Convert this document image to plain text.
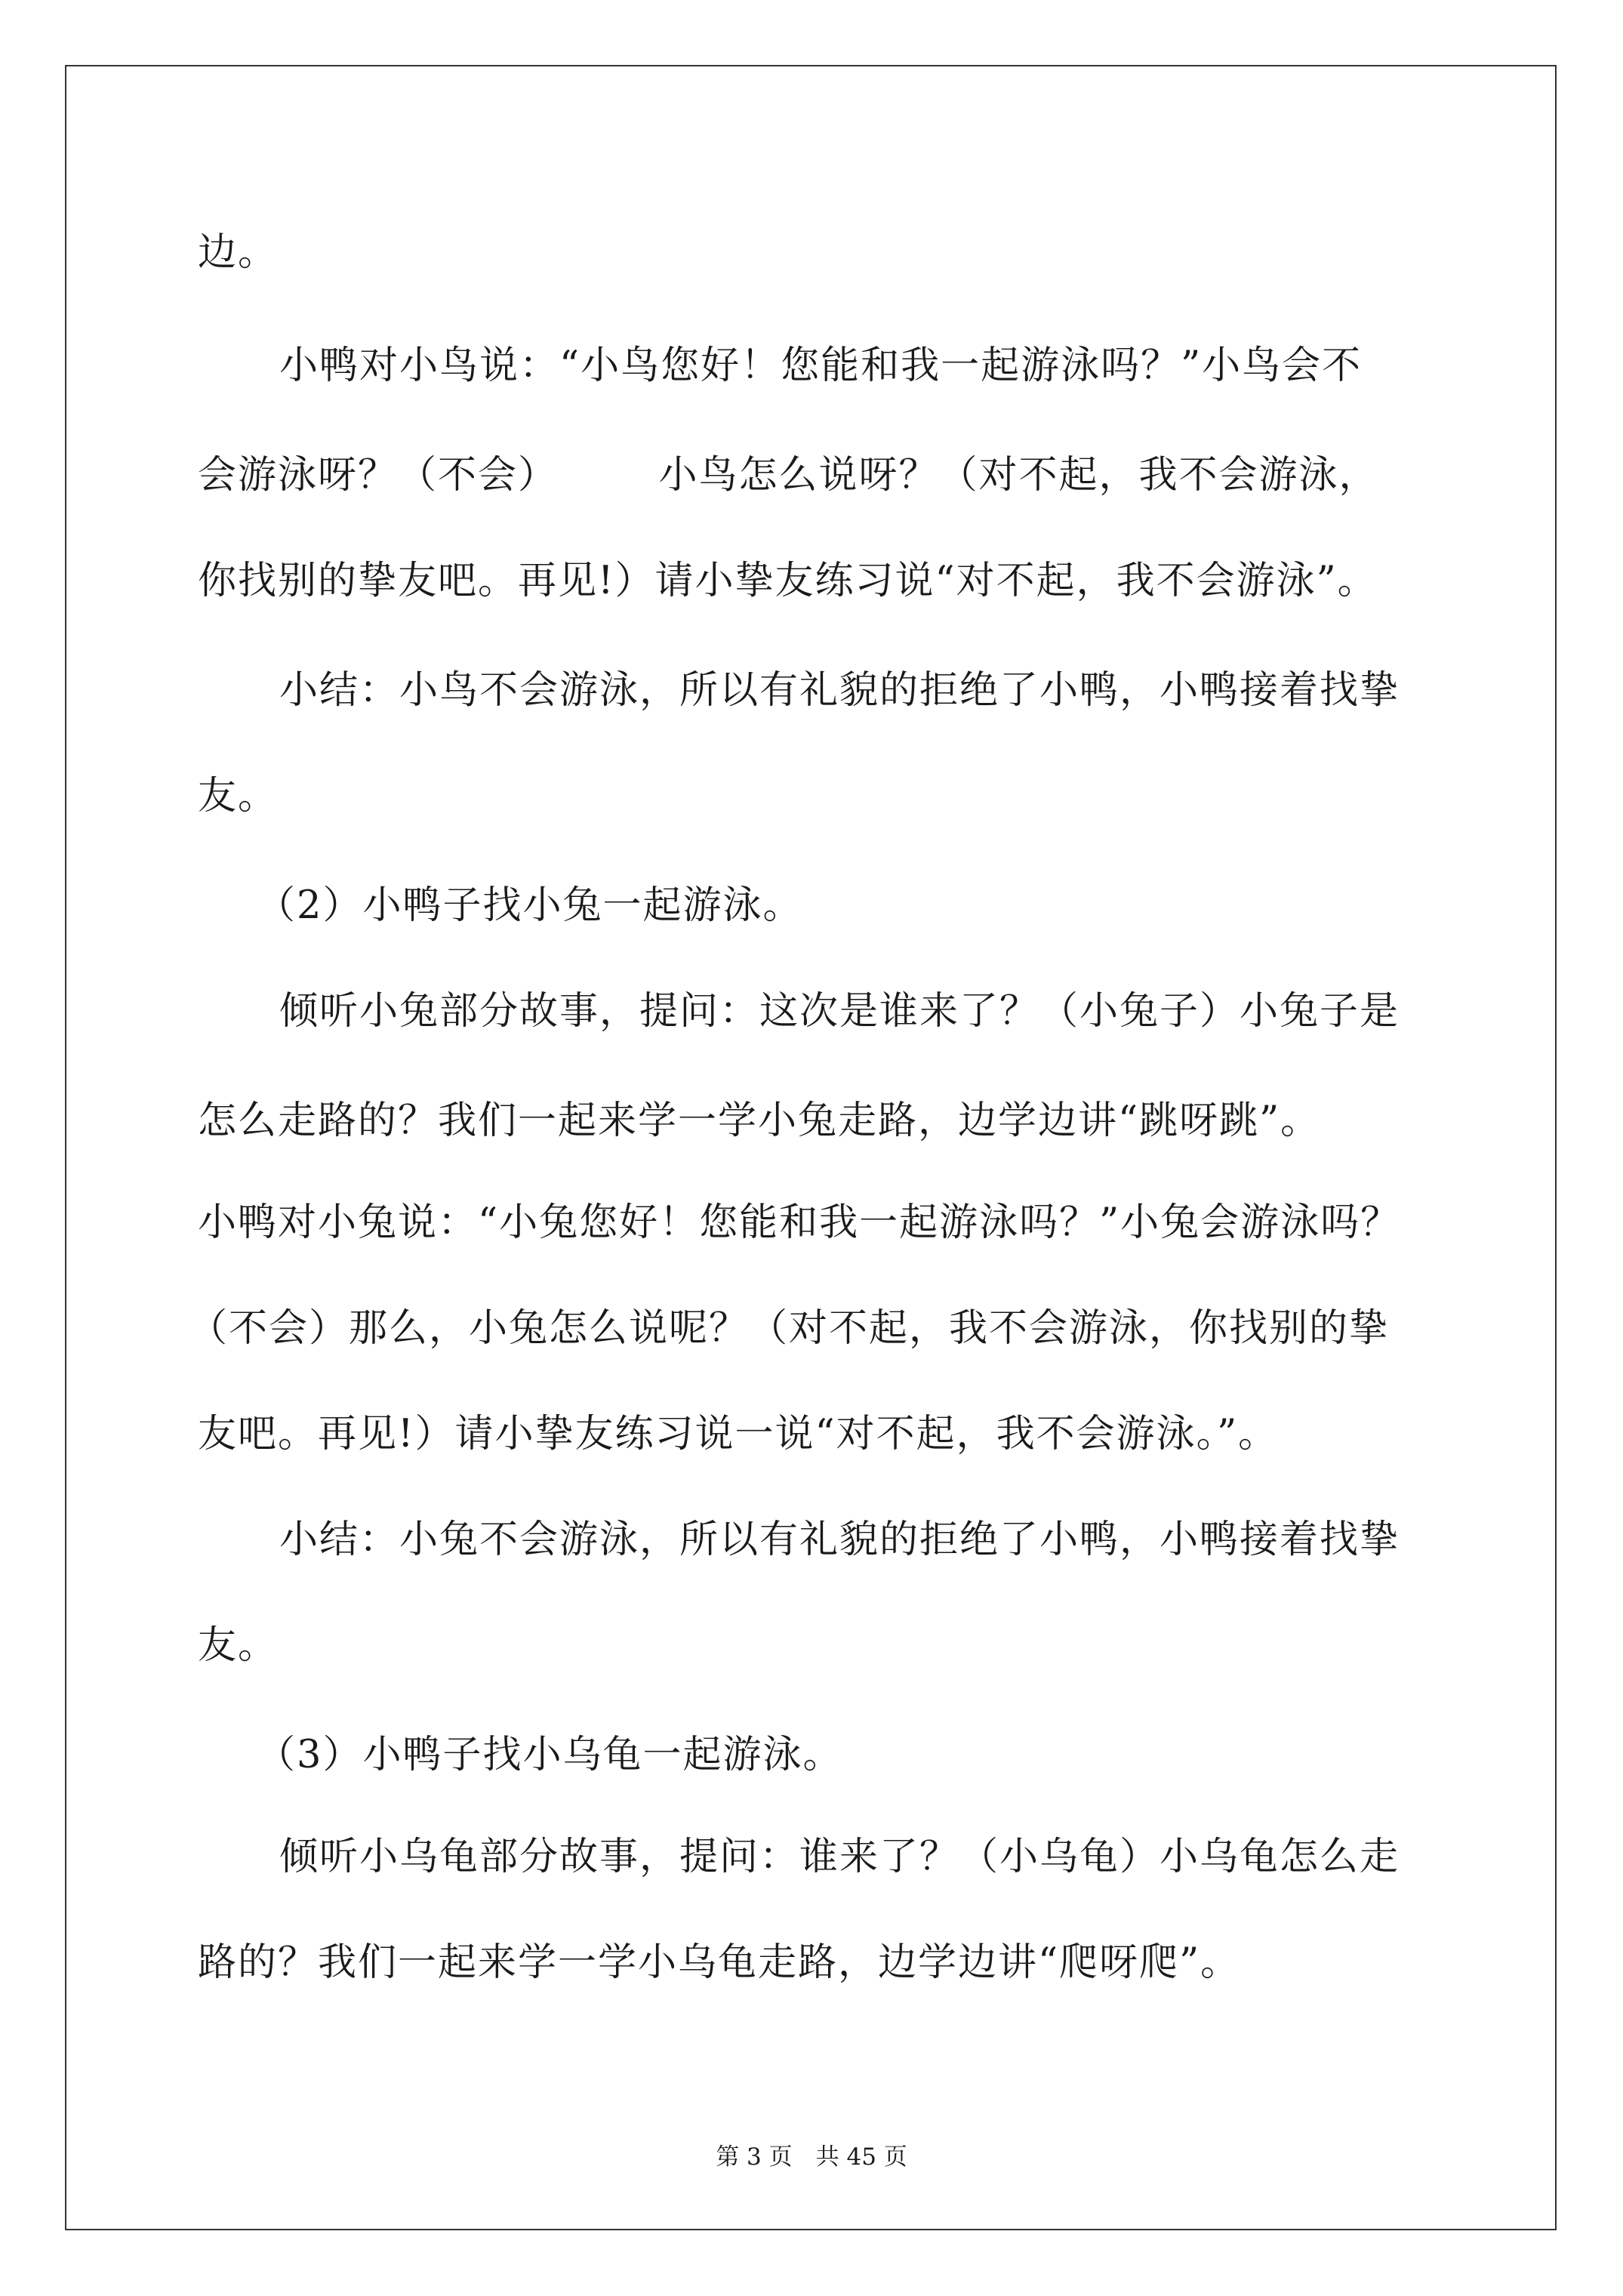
边。
小鸭对小鸟说：“小鸟您好！您能和我一起游泳吗？”小鸟会不
会游泳呀？（不会）　　　小鸟怎么说呀？（对不起，我不会游泳，
你找别的挚友吧。再见!）请小挚友练习说“对不起，我不会游泳”。
小结：小鸟不会游泳，所以有礼貌的拒绝了小鸭，小鸭接着找挚
友。
（2）小鸭子找小兔一起游泳。
倾听小兔部分故事，提问：这次是谁来了？（小兔子）小兔子是
怎么走路的？我们一起来学一学小兔走路，边学边讲“跳呀跳”。
小鸭对小兔说：“小兔您好！您能和我一起游泳吗？”小兔会游泳吗？
（不会）那么，小兔怎么说呢？（对不起，我不会游泳，你找别的挚
友吧。再见!）请小挚友练习说一说“对不起，我不会游泳。”。
小结：小兔不会游泳，所以有礼貌的拒绝了小鸭，小鸭接着找挚
友。
（3）小鸭子找小乌龟一起游泳。
倾听小乌龟部分故事，提问：谁来了？（小乌龟）小乌龟怎么走
路的？我们一起来学一学小乌龟走路，边学边讲“爬呀爬”。
第 3 页　共 45 页
